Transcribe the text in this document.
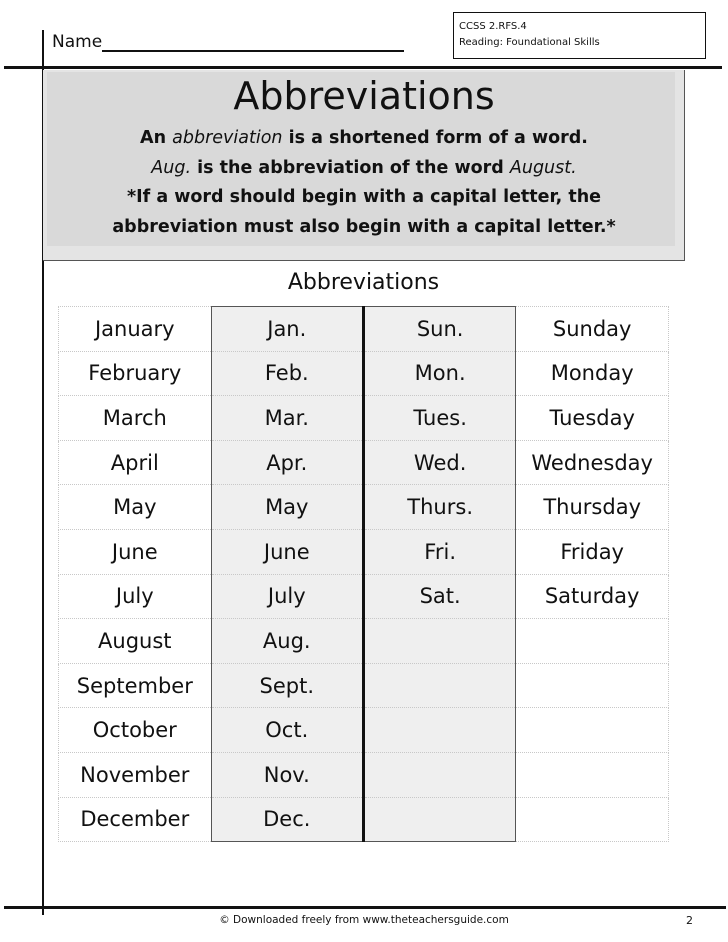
Name
CCSS 2.RFS.4
Reading: Foundational Skills
Abbreviations
An abbreviation is a shortened form of a word.
Aug. is the abbreviation of the word August.
*If a word should begin with a capital letter, the
abbreviation must also begin with a capital letter.*
Abbreviations
January	Jan.	Sun.	Sunday
February	Feb.	Mon.	Monday
March	Mar.	Tues.	Tuesday
April	Apr.	Wed.	Wednesday
May	May	Thurs.	Thursday
June	June	Fri.	Friday
July	July	Sat.	Saturday
August	Aug.		
September	Sept.		
October	Oct.		
November	Nov.		
December	Dec.		
© Downloaded freely from www.theteachersguide.com	2
